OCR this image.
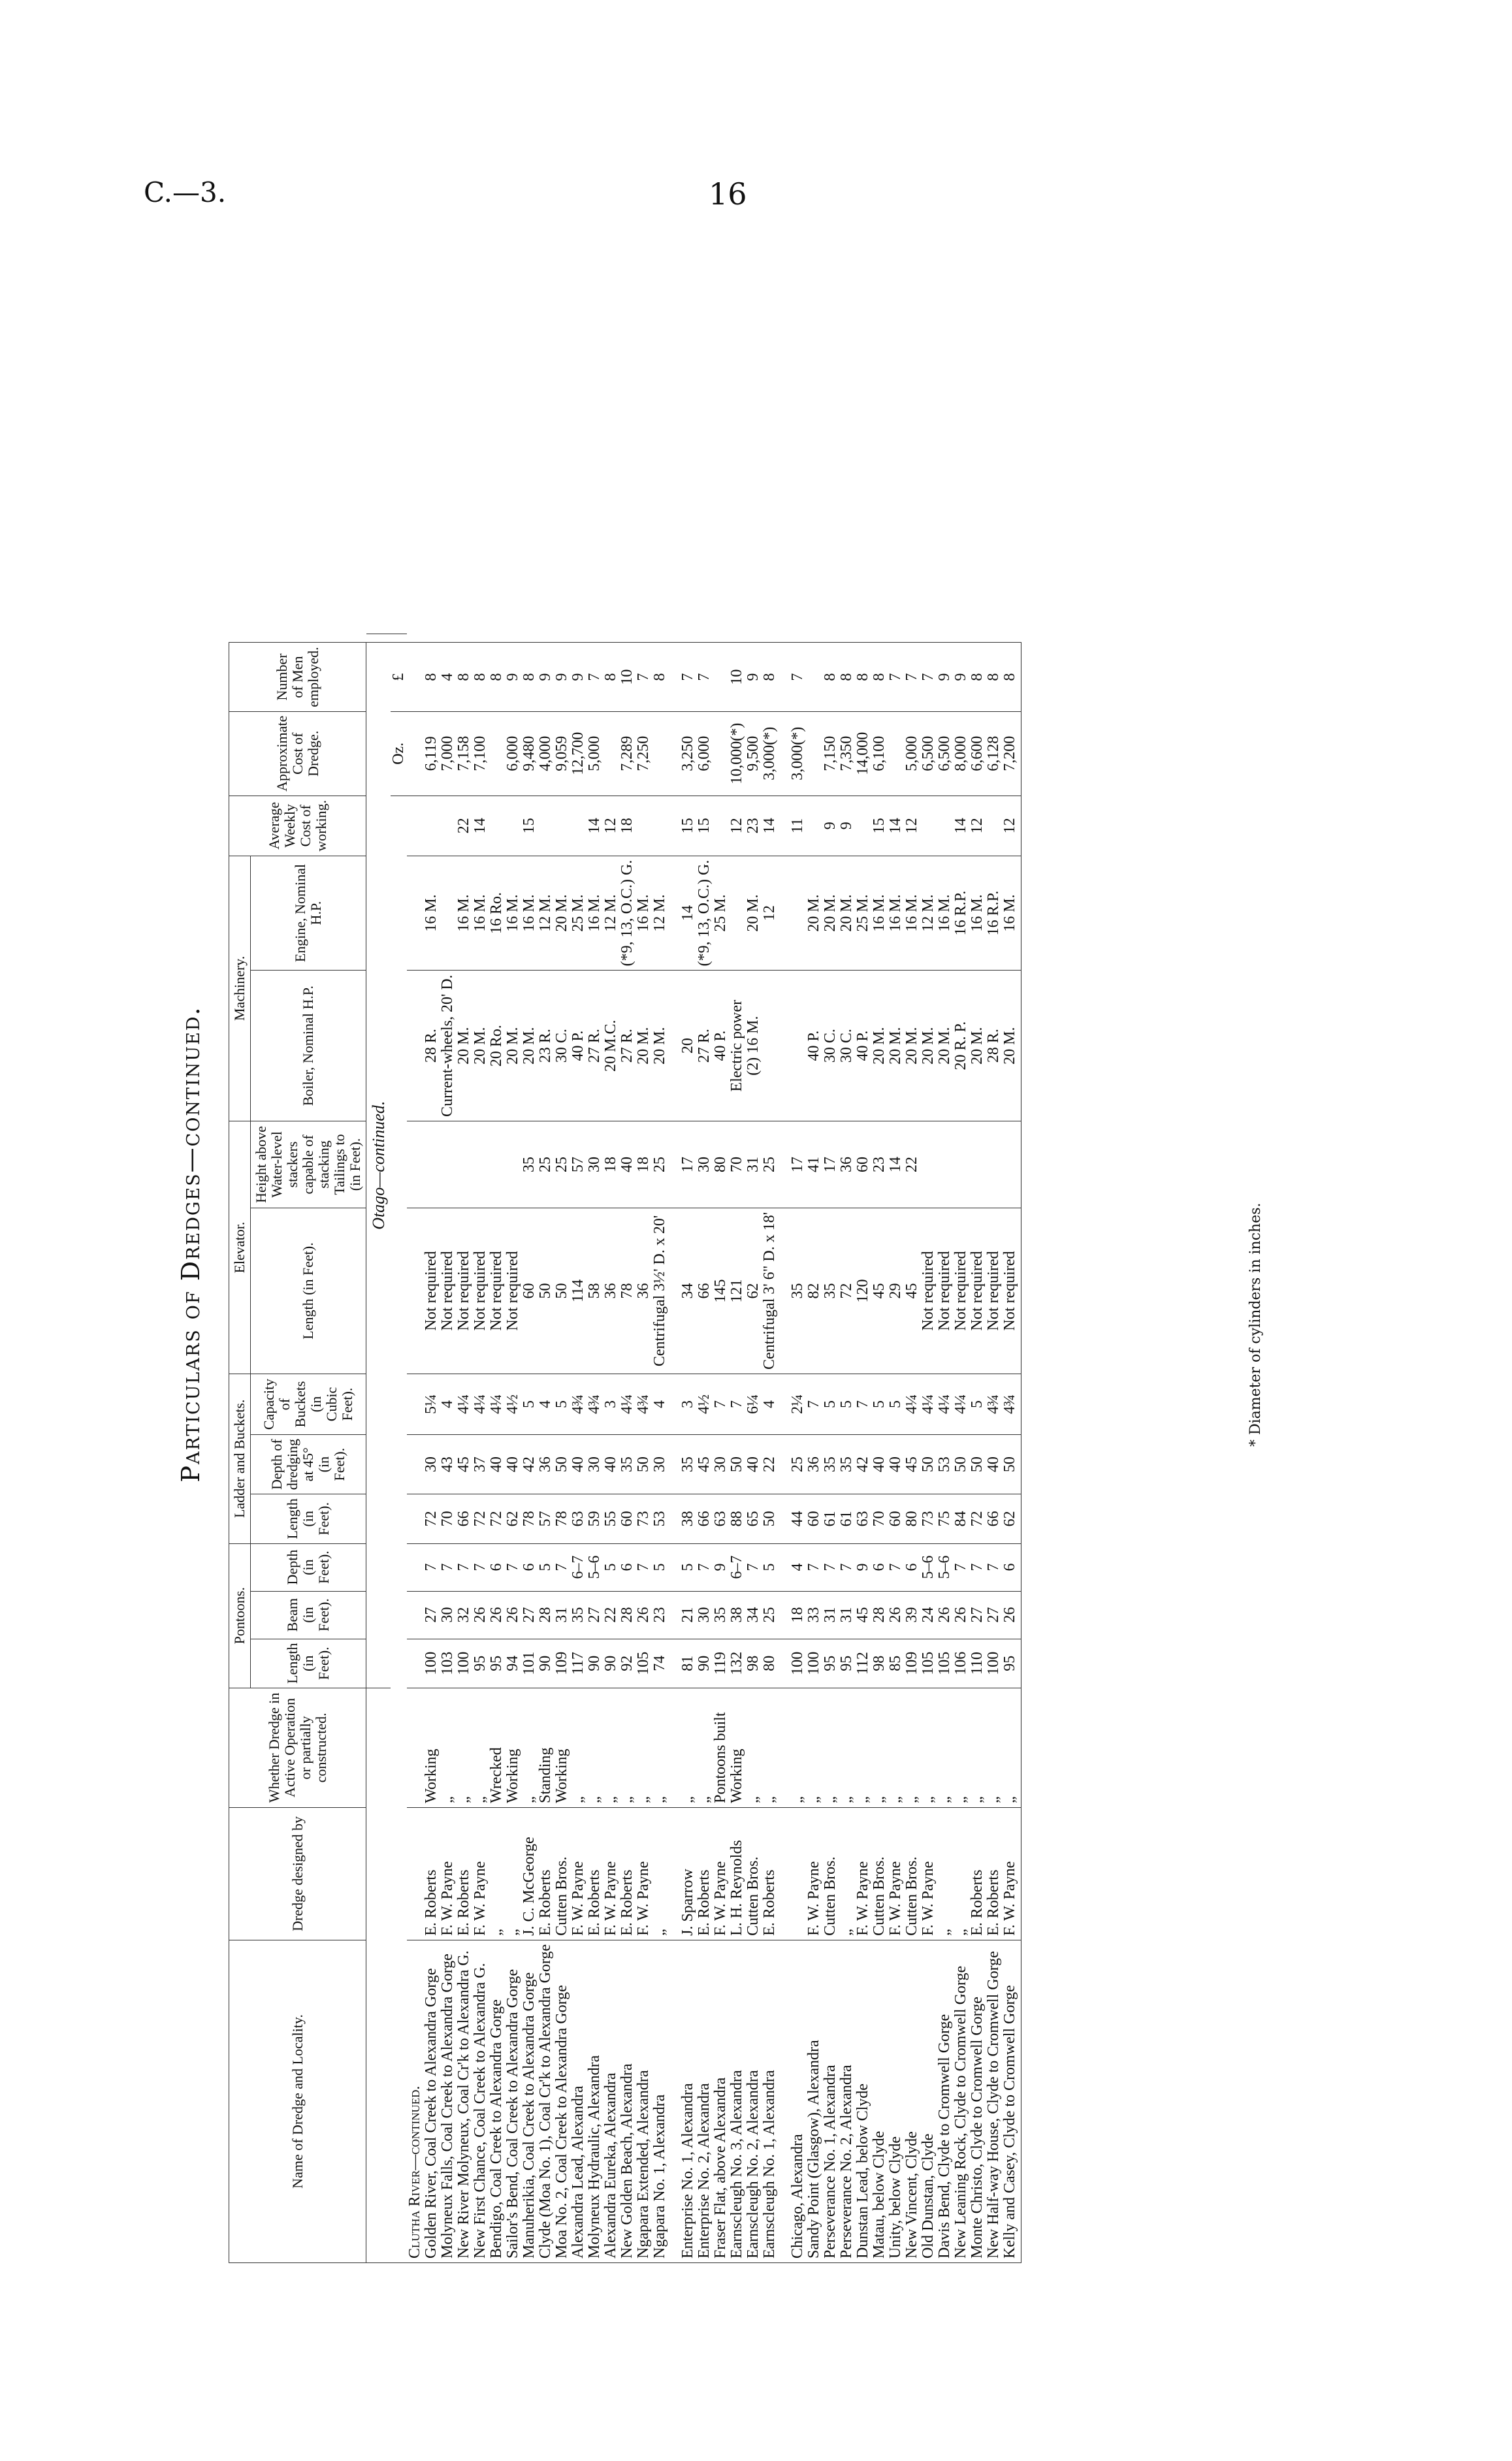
C.—3.	16
Particulars of Dredges—continued.
Name of Dredge and Locality.	Dredge designed by	Whether Dredge in Active Operation or partially constructed.	Pontoons.			Ladder and Buckets.			Elevator.		Machinery.		Average Weekly Cost of working.	Approximate Cost of Dredge.	Number of Men employed.	
			Length (in Feet).	Beam (in Feet).	Depth (in Feet).	Length (in Feet).	Depth of dredging at 45° (in Feet).	Capacity of Buckets (in Cubic Feet).	Length (in Feet).	Height above Water-level stackers capable of stacking Tailings to (in Feet).	Boiler, Nominal H.P.	Engine, Nominal H.P.				
			Otago—continued.													
														Oz.	£	
Clutha River—continued.																
Golden River, Coal Creek to Alexandra Gorge	E. Roberts	Working	100	27	7	72	30	5¼	Not required		28 R.	16 M.		6,119	8	
Molyneux Falls, Coal Creek to Alexandra Gorge	F. W. Payne	„	103	30	7	70	43	4	Not required		Current-wheels, 20' D.			7,000	4	
New River Molyneux, Coal Cr'k to Alexandra G.	E. Roberts	„	100	32	7	66	45	4¼	Not required		20 M.	16 M.	22	7,158	8	
New First Chance, Coal Creek to Alexandra G.	F. W. Payne	„	95	26	7	72	37	4¼	Not required		20 M.	16 M.	14	7,100	8	
Bendigo, Coal Creek to Alexandra Gorge	„	Wrecked	95	26	6	72	40	4¼	Not required		20 Ro.	16 Ro.			8	
Sailor's Bend, Coal Creek to Alexandra Gorge	„	Working	94	26	7	62	40	4½	Not required		20 M.	16 M.		6,000	9	
Manuherikia, Coal Creek to Alexandra Gorge	J. C. McGeorge	„	101	27	6	78	42	5	60	35	20 M.	16 M.	15	9,480	8	
Clyde (Moa No. 1), Coal Cr'k to Alexandra Gorge	E. Roberts	Standing	90	28	5	57	36	4	50	25	23 R.	12 M.		4,000	9	
Moa No. 2, Coal Creek to Alexandra Gorge	Cutten Bros.	Working	109	31	7	78	50	5	50	25	30 C.	20 M.		9,059	9	
Alexandra Lead, Alexandra	F. W. Payne	„	117	35	6–7	63	40	4¾	114	57	40 P.	25 M.		12,700	9	
Molyneux Hydraulic, Alexandra	E. Roberts	„	90	27	5–6	59	30	4¾	58	30	27 R.	16 M.	14	5,000	7	
Alexandra Eureka, Alexandra	F. W. Payne	„	90	22	5	55	40	3	36	18	20 M.C.	12 M.	12		8	
New Golden Beach, Alexandra	E. Roberts	„	92	28	6	60	35	4¼	78	40	27 R.	(*9, 13, O.C.) G.	18	7,289	10	
Ngapara Extended, Alexandra	F. W. Payne	„	105	26	7	73	50	4¾	36	18	20 M.	16 M.		7,250	7	
Ngapara No. 1, Alexandra	„	„	74	23	5	53	30	4	Centrifugal 3½' D. x 20'	25	20 M.	12 M.			8	

Enterprise No. 1, Alexandra	J. Sparrow	„	81	21	5	38	35	3	34	17	20	14	15	3,250	7	
Enterprise No. 2, Alexandra	E. Roberts	„	90	30	7	66	45	4½	66	30	27 R.	(*9, 13, O.C.) G.	15	6,000	7	
Fraser Flat, above Alexandra	F. W. Payne	Pontoons built	119	35	9	63	30	7	145	80	40 P.	25 M.				
Earnscleugh No. 3, Alexandra	L. H. Reynolds	Working	132	38	6–7	88	50	7	121	70	Electric power		12	10,000(*)	10	
Earnscleugh No. 2, Alexandra	Cutten Bros.	„	98	34	7	65	40	6¼	62	31	(2) 16 M.	20 M.	23	9,500	9	
Earnscleugh No. 1, Alexandra	E. Roberts	„	80	25	5	50	22	4	Centrifugal 3' 6" D. x 18'	25		12	14	3,000(*)	8	

Chicago, Alexandra		„	100	18	4	44	25	2¼	35	17			11	3,000(*)	7	
Sandy Point (Glasgow), Alexandra	F. W. Payne	„	100	33	7	60	36	7	82	41	40 P.	20 M.				
Perseverance No. 1, Alexandra	Cutten Bros.	„	95	31	7	61	35	5	35	17	30 C.	20 M.	9	7,150	8	
Perseverance No. 2, Alexandra	„	„	95	31	7	61	35	5	72	36	30 C.	20 M.	9	7,350	8	
Dunstan Lead, below Clyde	F. W. Payne	„	112	45	9	63	42	7	120	60	40 P.	25 M.		14,000	8	
Matau, below Clyde	Cutten Bros.	„	98	28	6	70	40	5	45	23	20 M.	16 M.	15	6,100	8	
Unity, below Clyde	F. W. Payne	„	85	26	7	60	40	5	29	14	20 M.	16 M.	14		7	
New Vincent, Clyde	Cutten Bros.	„	109	39	6	80	45	4¼	45	22	20 M.	16 M.	12	5,000	7	
Old Dunstan, Clyde	F. W. Payne	„	105	24	5–6	73	50	4¼	Not required		20 M.	12 M.		6,500	7	
Davis Bend, Clyde to Cromwell Gorge	„	„	105	26	5–6	75	53	4¼	Not required		20 M.	16 M.		6,500	9	
New Leaning Rock, Clyde to Cromwell Gorge	„	„	106	26	7	84	50	4¼	Not required		20 R. P.	16 R.P.	14	8,000	9	
Monte Christo, Clyde to Cromwell Gorge	E. Roberts	„	110	27	7	72	50	5	Not required		20 M.	16 M.	12	6,600	8	
New Half-way House, Clyde to Cromwell Gorge	E. Roberts	„	100	27	7	66	40	4¾	Not required		28 R.	16 R.P.		6,128	8	
Kelly and Casey, Clyde to Cromwell Gorge	F. W. Payne	„	95	26	6	62	50	4¾	Not required		20 M.	16 M.	12	7,200	8	

* Diameter of cylinders in inches.
